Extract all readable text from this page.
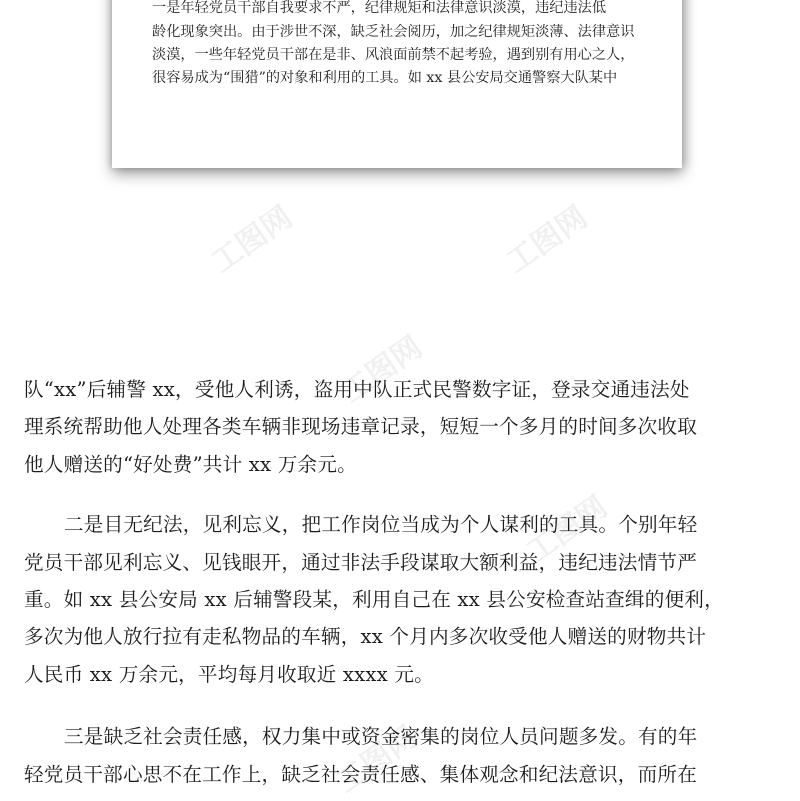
一是年轻党员干部自我要求不严，纪律规矩和法律意识淡漠，违纪违法低
龄化现象突出。由于涉世不深，缺乏社会阅历，加之纪律规矩淡薄、法律意识
淡漠，一些年轻党员干部在是非、风浪面前禁不起考验，遇到别有用心之人，
很容易成为“围猎”的对象和利用的工具。如 xx 县公安局交通警察大队某中
工图网	工图网
工图网
工图网
工图网
队“xx”后辅警 xx，受他人利诱，盗用中队正式民警数字证，登录交通违法处
理系统帮助他人处理各类车辆非现场违章记录，短短一个多月的时间多次收取
他人赠送的“好处费”共计 xx 万余元。
二是目无纪法，见利忘义，把工作岗位当成为个人谋利的工具。个别年轻
党员干部见利忘义、见钱眼开，通过非法手段谋取大额利益，违纪违法情节严
重。如 xx 县公安局 xx 后辅警段某，利用自己在 xx 县公安检查站查缉的便利，
多次为他人放行拉有走私物品的车辆，xx 个月内多次收受他人赠送的财物共计
人民币 xx 万余元，平均每月收取近 xxxx 元。
三是缺乏社会责任感，权力集中或资金密集的岗位人员问题多发。有的年
轻党员干部心思不在工作上，缺乏社会责任感、集体观念和纪法意识，而所在
